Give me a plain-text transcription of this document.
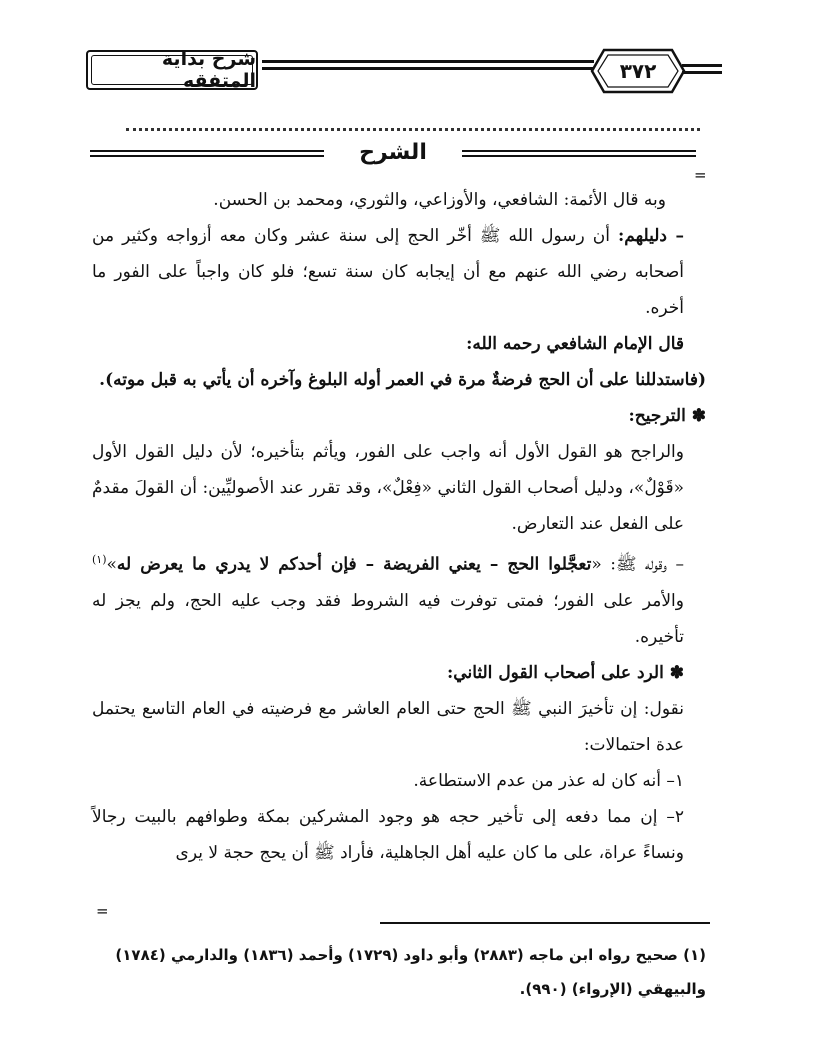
شرح بداية المتفقه	٣٧٢
الشرح
=

وبه قال الأئمة: الشافعي، والأوزاعي، والثوري، ومحمد بن الحسن.

– دليلهم: أن رسول الله ﷺ أخّر الحج إلى سنة عشر وكان معه أزواجه وكثير من أصحابه رضي الله عنهم مع أن إيجابه كان سنة تسع؛ فلو كان واجباً على الفور ما أخره.

قال الإمام الشافعي رحمه الله:

(فاستدللنا على أن الحج فرضةٌ مرة في العمر أوله البلوغ وآخره أن يأتي به قبل موته).

✽ الترجيح:

والراجح هو القول الأول أنه واجب على الفور، ويأثم بتأخيره؛ لأن دليل القول الأول «قَوْلٌ»، ودليل أصحاب القول الثاني «فِعْلٌ»، وقد تقرر عند الأصوليِّين: أن القولَ مقدمٌ على الفعل عند التعارض.

– وقوله ﷺ: «تعجَّلوا الحج – يعني الفريضة – فإن أحدكم لا يدري ما يعرض له»$^{(١)}$ والأمر على الفور؛ فمتى توفرت فيه الشروط فقد وجب عليه الحج، ولم يجز له تأخيره.

✽ الرد على أصحاب القول الثاني:

نقول: إن تأخيرَ النبي ﷺ الحج حتى العام العاشر مع فرضيته في العام التاسع يحتمل عدة احتمالات:

١– أنه كان له عذر من عدم الاستطاعة.

٢– إن مما دفعه إلى تأخير حجه هو وجود المشركين بمكة وطوافهم بالبيت رجالاً ونساءً عراة، على ما كان عليه أهل الجاهلية، فأراد ﷺ أن يحج حجة لا يرى

=

(١) صحيح رواه ابن ماجه (٢٨٨٣) وأبو داود (١٧٢٩) وأحمد (١٨٣٦) والدارمي (١٧٨٤)

والبيهقي (الإرواء) (٩٩٠).
